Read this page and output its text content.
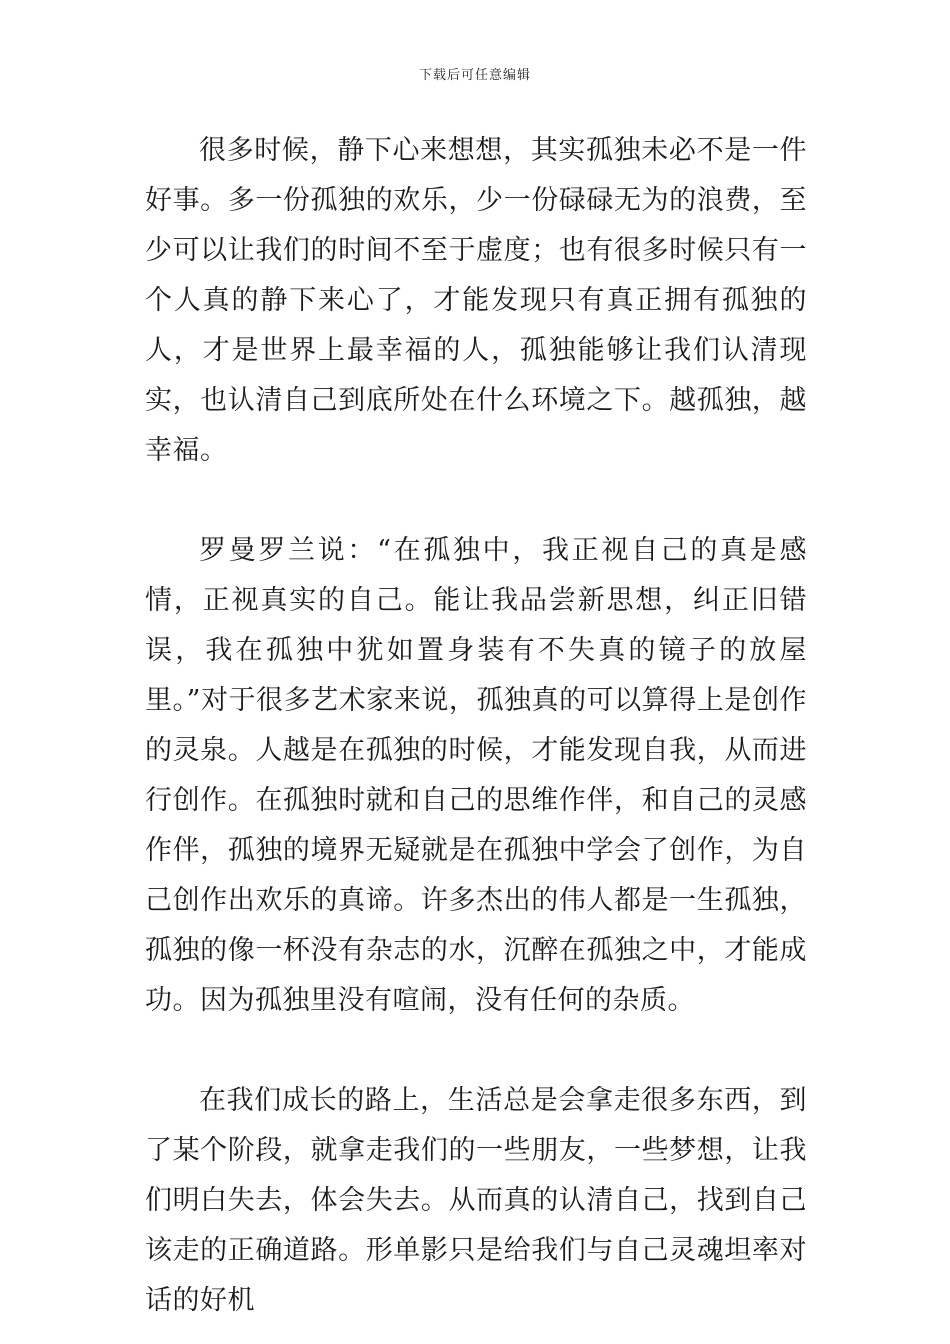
下载后可任意编辑

很多时候，静下心来想想，其实孤独未必不是一件好事。多一份孤独的欢乐，少一份碌碌无为的浪费，至少可以让我们的时间不至于虚度；也有很多时候只有一个人真的静下来心了，才能发现只有真正拥有孤独的人，才是世界上最幸福的人，孤独能够让我们认清现实，也认清自己到底所处在什么环境之下。越孤独，越幸福。

罗曼罗兰说：“在孤独中，我正视自己的真是感情，正视真实的自己。能让我品尝新思想，纠正旧错误，我在孤独中犹如置身装有不失真的镜子的放屋里。”对于很多艺术家来说，孤独真的可以算得上是创作的灵泉。人越是在孤独的时候，才能发现自我，从而进行创作。在孤独时就和自己的思维作伴，和自己的灵感作伴，孤独的境界无疑就是在孤独中学会了创作，为自己创作出欢乐的真谛。许多杰出的伟人都是一生孤独，孤独的像一杯没有杂志的水，沉醉在孤独之中，才能成功。因为孤独里没有喧闹，没有任何的杂质。

在我们成长的路上，生活总是会拿走很多东西，到了某个阶段，就拿走我们的一些朋友，一些梦想，让我们明白失去，体会失去。从而真的认清自己，找到自己该走的正确道路。形单影只是给我们与自己灵魂坦率对话的好机
